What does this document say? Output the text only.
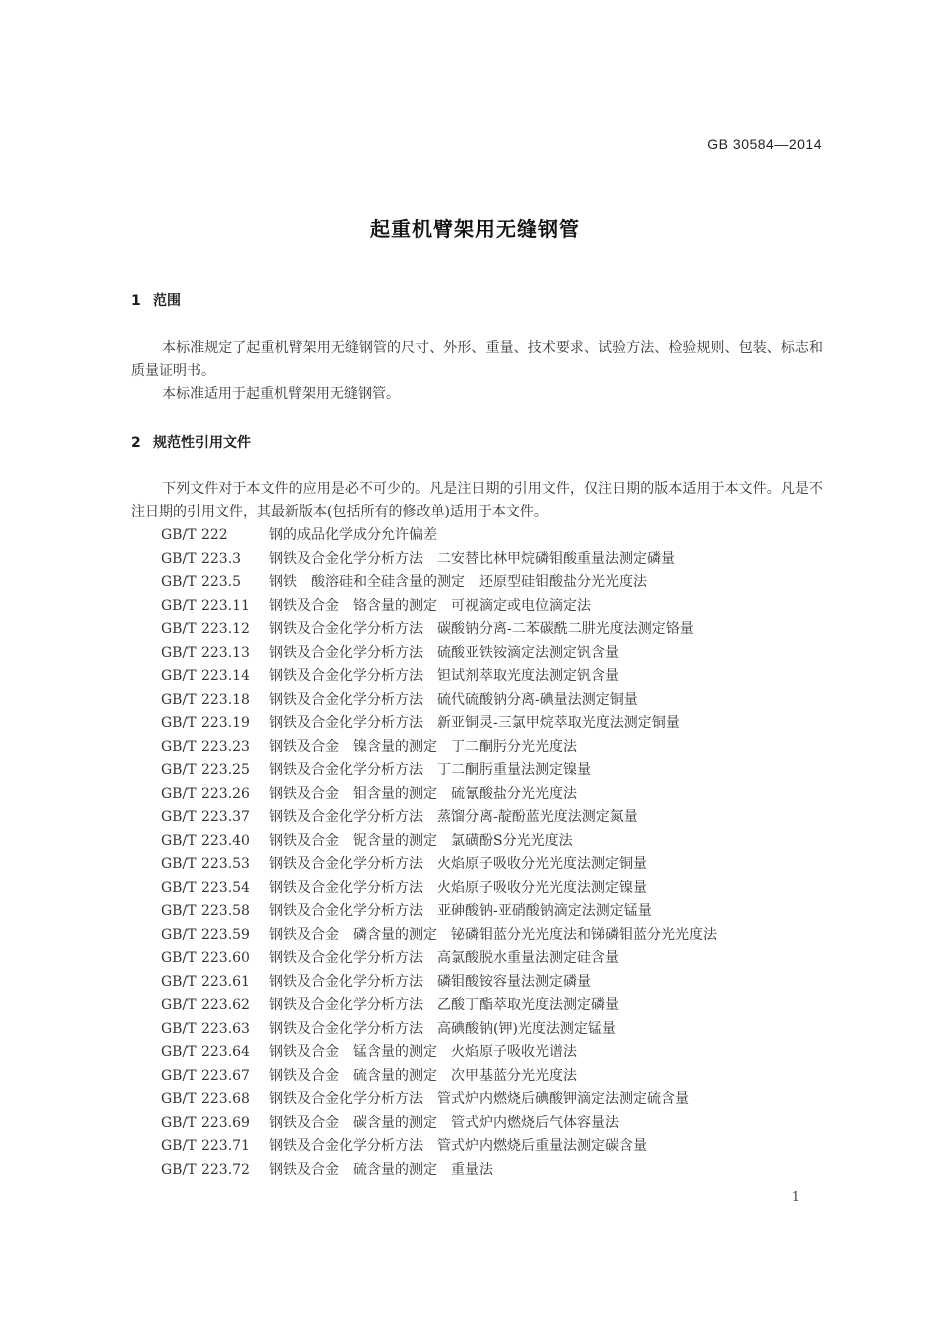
GB 30584—2014
起重机臂架用无缝钢管
1 范围
本标准规定了起重机臂架用无缝钢管的尺寸、外形、重量、技术要求、试验方法、检验规则、包装、标志和质量证明书。
本标准适用于起重机臂架用无缝钢管。
2 规范性引用文件
下列文件对于本文件的应用是必不可少的。凡是注日期的引用文件，仅注日期的版本适用于本文件。凡是不注日期的引用文件，其最新版本(包括所有的修改单)适用于本文件。
GB/T 222	钢的成品化学成分允许偏差
GB/T 223.3 钢铁及合金化学分析方法　二安替比林甲烷磷钼酸重量法测定磷量
GB/T 223.5 钢铁　酸溶硅和全硅含量的测定　还原型硅钼酸盐分光光度法
GB/T 223.11 钢铁及合金　铬含量的测定　可视滴定或电位滴定法
GB/T 223.12 钢铁及合金化学分析方法　碳酸钠分离-二苯碳酰二肼光度法测定铬量
GB/T 223.13 钢铁及合金化学分析方法　硫酸亚铁铵滴定法测定钒含量
GB/T 223.14 钢铁及合金化学分析方法　钽试剂萃取光度法测定钒含量
GB/T 223.18 钢铁及合金化学分析方法　硫代硫酸钠分离-碘量法测定铜量
GB/T 223.19 钢铁及合金化学分析方法　新亚铜灵-三氯甲烷萃取光度法测定铜量
GB/T 223.23 钢铁及合金　镍含量的测定　丁二酮肟分光光度法
GB/T 223.25 钢铁及合金化学分析方法　丁二酮肟重量法测定镍量
GB/T 223.26 钢铁及合金　钼含量的测定　硫氰酸盐分光光度法
GB/T 223.37 钢铁及合金化学分析方法　蒸馏分离-靛酚蓝光度法测定氮量
GB/T 223.40 钢铁及合金　铌含量的测定　氯磺酚S分光光度法
GB/T 223.53 钢铁及合金化学分析方法　火焰原子吸收分光光度法测定铜量
GB/T 223.54 钢铁及合金化学分析方法　火焰原子吸收分光光度法测定镍量
GB/T 223.58 钢铁及合金化学分析方法　亚砷酸钠-亚硝酸钠滴定法测定锰量
GB/T 223.59 钢铁及合金　磷含量的测定　铋磷钼蓝分光光度法和锑磷钼蓝分光光度法
GB/T 223.60 钢铁及合金化学分析方法　高氯酸脱水重量法测定硅含量
GB/T 223.61 钢铁及合金化学分析方法　磷钼酸铵容量法测定磷量
GB/T 223.62 钢铁及合金化学分析方法　乙酸丁酯萃取光度法测定磷量
GB/T 223.63 钢铁及合金化学分析方法　高碘酸钠(钾)光度法测定锰量
GB/T 223.64 钢铁及合金　锰含量的测定　火焰原子吸收光谱法
GB/T 223.67 钢铁及合金　硫含量的测定　次甲基蓝分光光度法
GB/T 223.68 钢铁及合金化学分析方法　管式炉内燃烧后碘酸钾滴定法测定硫含量
GB/T 223.69 钢铁及合金　碳含量的测定　管式炉内燃烧后气体容量法
GB/T 223.71 钢铁及合金化学分析方法　管式炉内燃烧后重量法测定碳含量
GB/T 223.72 钢铁及合金　硫含量的测定　重量法
1
